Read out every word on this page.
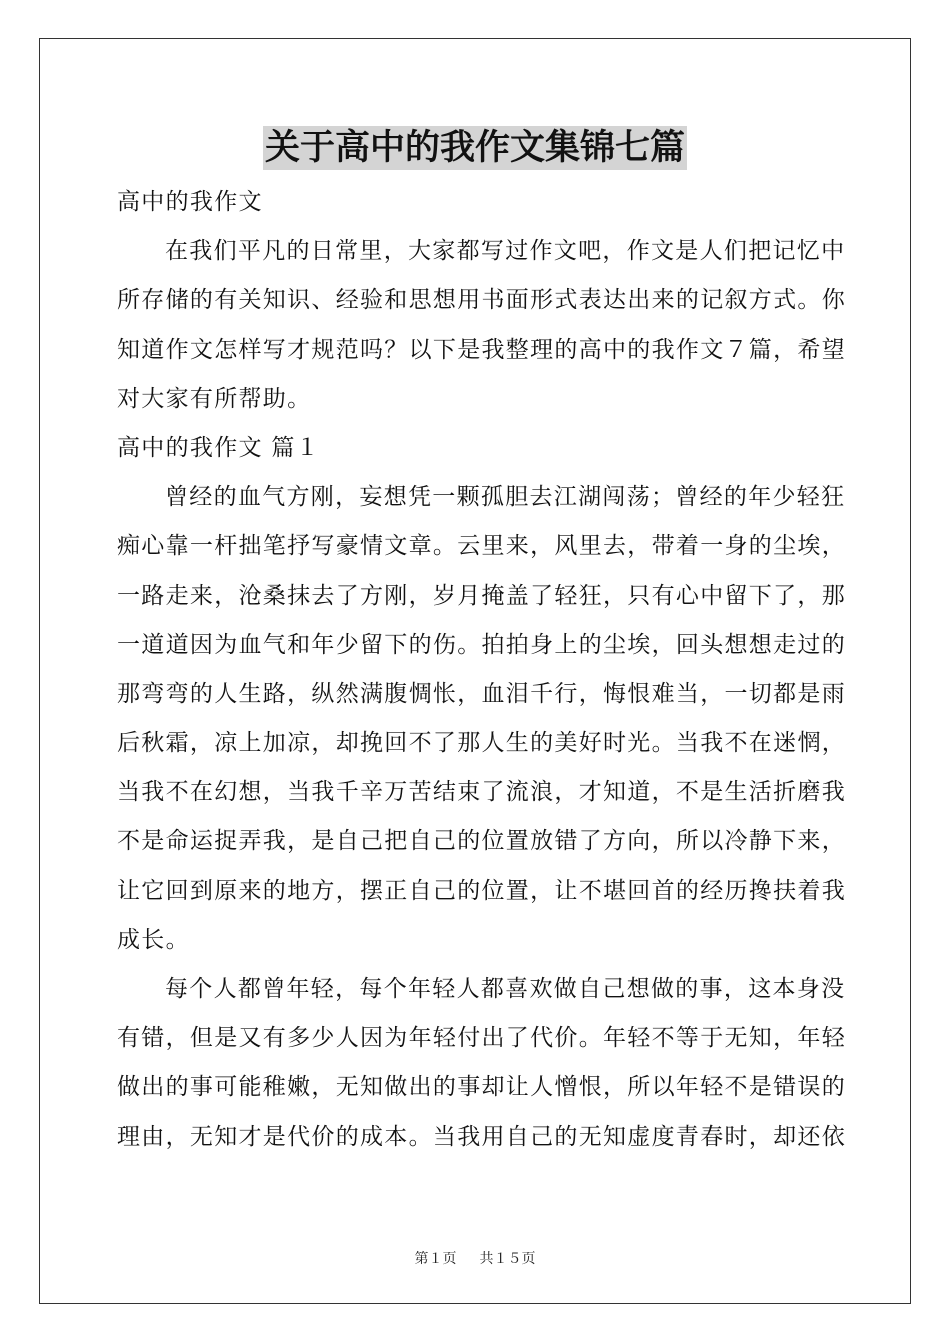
关于高中的我作文集锦七篇
高中的我作文
在我们平凡的日常里，大家都写过作文吧，作文是人们把记忆中
所存储的有关知识、经验和思想用书面形式表达出来的记叙方式。你
知道作文怎样写才规范吗？以下是我整理的高中的我作文７篇，希望
对大家有所帮助。
高中的我作文 篇１
曾经的血气方刚，妄想凭一颗孤胆去江湖闯荡；曾经的年少轻狂
痴心靠一杆拙笔抒写豪情文章。云里来，风里去，带着一身的尘埃，
一路走来，沧桑抹去了方刚，岁月掩盖了轻狂，只有心中留下了，那
一道道因为血气和年少留下的伤。拍拍身上的尘埃，回头想想走过的
那弯弯的人生路，纵然满腹惆怅，血泪千行，悔恨难当，一切都是雨
后秋霜，凉上加凉，却挽回不了那人生的美好时光。当我不在迷惘，
当我不在幻想，当我千辛万苦结束了流浪，才知道，不是生活折磨我
不是命运捉弄我，是自己把自己的位置放错了方向，所以冷静下来，
让它回到原来的地方，摆正自己的位置，让不堪回首的经历搀扶着我
成长。
每个人都曾年轻，每个年轻人都喜欢做自己想做的事，这本身没
有错，但是又有多少人因为年轻付出了代价。年轻不等于无知，年轻
做出的事可能稚嫩，无知做出的事却让人憎恨，所以年轻不是错误的
理由，无知才是代价的成本。当我用自己的无知虚度青春时，却还依
第１页 共１５页
